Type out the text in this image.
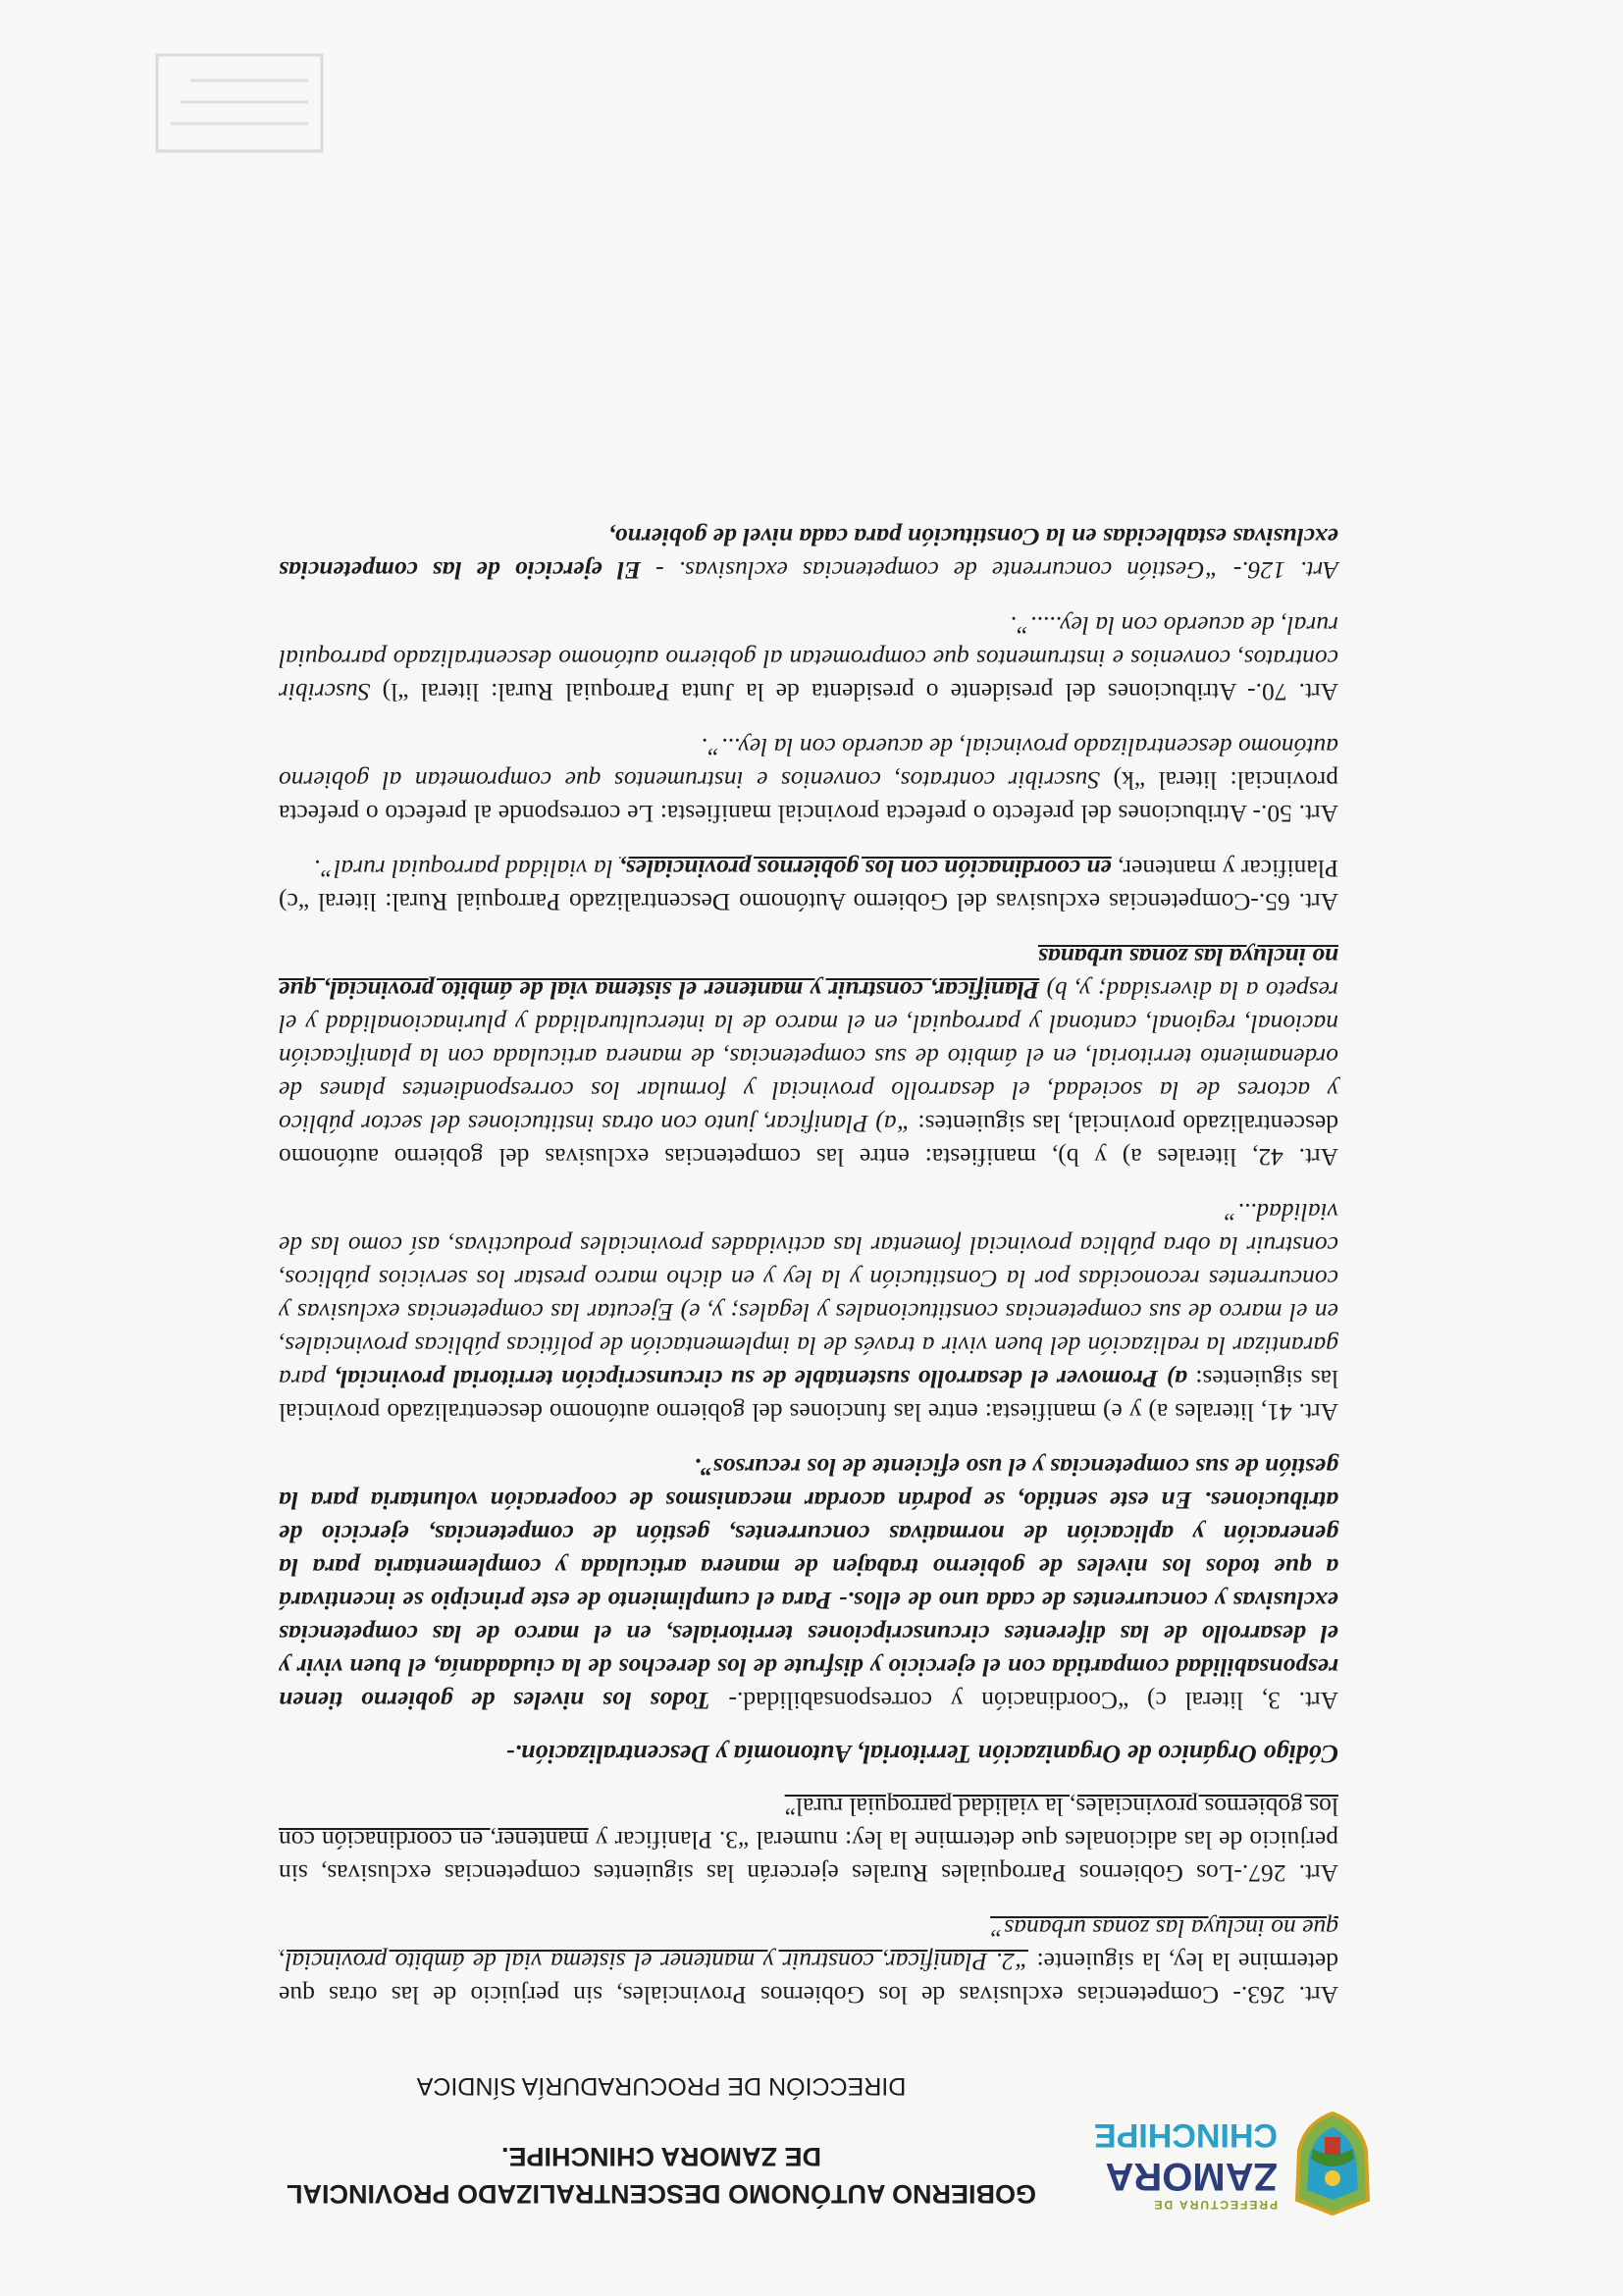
PREFECTURA DE
ZAMORA
CHINCHIPE
GOBIERNO AUTÓNOMO DESCENTRALIZADO PROVINCIAL DE ZAMORA CHINCHIPE.
DIRECCIÓN DE PROCURADURÍA SÍNDICA

Art. 263.- Competencias exclusivas de los Gobiernos Provinciales, sin perjuicio de las otras que determine la ley, la siguiente: “2. Planificar, construir y mantener el sistema vial de ámbito provincial, que no incluya las zonas urbanas”

Art. 267.-Los Gobiernos Parroquiales Rurales ejercerán las siguientes competencias exclusivas, sin perjuicio de las adicionales que determine la ley: numeral “3. Planificar y mantener, en coordinación con los gobiernos provinciales, la vialidad parroquial rural”

Código Orgánico de Organización Territorial, Autonomía y Descentralización.-

Art. 3, literal c) “Coordinación y corresponsabilidad.- Todos los niveles de gobierno tienen responsabilidad compartida con el ejercicio y disfrute de los derechos de la ciudadanía, el buen vivir y el desarrollo de las diferentes circunscripciones territoriales, en el marco de las competencias exclusivas y concurrentes de cada uno de ellos.- Para el cumplimiento de este principio se incentivará a que todos los niveles de gobierno trabajen de manera articulada y complementaria para la generación y aplicación de normativas concurrentes, gestión de competencias, ejercicio de atribuciones. En este sentido, se podrán acordar mecanismos de cooperación voluntaria para la gestión de sus competencias y el uso eficiente de los recursos”.

Art. 41, literales a) y e) manifiesta: entre las funciones del gobierno autónomo descentralizado provincial las siguientes: a) Promover el desarrollo sustentable de su circunscripción territorial provincial, para garantizar la realización del buen vivir a través de la implementación de políticas públicas provinciales, en el marco de sus competencias constitucionales y legales; y, e) Ejecutar las competencias exclusivas y concurrentes reconocidas por la Constitución y la ley y en dicho marco prestar los servicios públicos, construir la obra pública provincial fomentar las actividades provinciales productivas, así como las de vialidad...”

Art. 42, literales a) y b), manifiesta: entre las competencias exclusivas del gobierno autónomo descentralizado provincial, las siguientes: “a) Planificar, junto con otras instituciones del sector público y actores de la sociedad, el desarrollo provincial y formular los correspondientes planes de ordenamiento territorial, en el ámbito de sus competencias, de manera articulada con la planificación nacional, regional, cantonal y parroquial, en el marco de la interculturalidad y plurinacionalidad y el respeto a la diversidad; y, b) Planificar, construir y mantener el sistema vial de ámbito provincial, que no incluya las zonas urbanas

Art. 65.-Competencias exclusivas del Gobierno Autónomo Descentralizado Parroquial Rural: literal “c) Planificar y mantener, en coordinación con los gobiernos provinciales, la vialidad parroquial rural”.

Art. 50.- Atribuciones del prefecto o prefecta provincial manifiesta: Le corresponde al prefecto o prefecta provincial: literal “k) Suscribir contratos, convenios e instrumentos que comprometan al gobierno autónomo descentralizado provincial, de acuerdo con la ley...”.

Art. 70.- Atribuciones del presidente o presidenta de la Junta Parroquial Rural: literal “l) Suscribir contratos, convenios e instrumentos que comprometan al gobierno autónomo descentralizado parroquial rural, de acuerdo con la ley.....”.

Art. 126.- “Gestión concurrente de competencias exclusivas. - El ejercicio de las competencias exclusivas establecidas en la Constitución para cada nivel de gobierno,
